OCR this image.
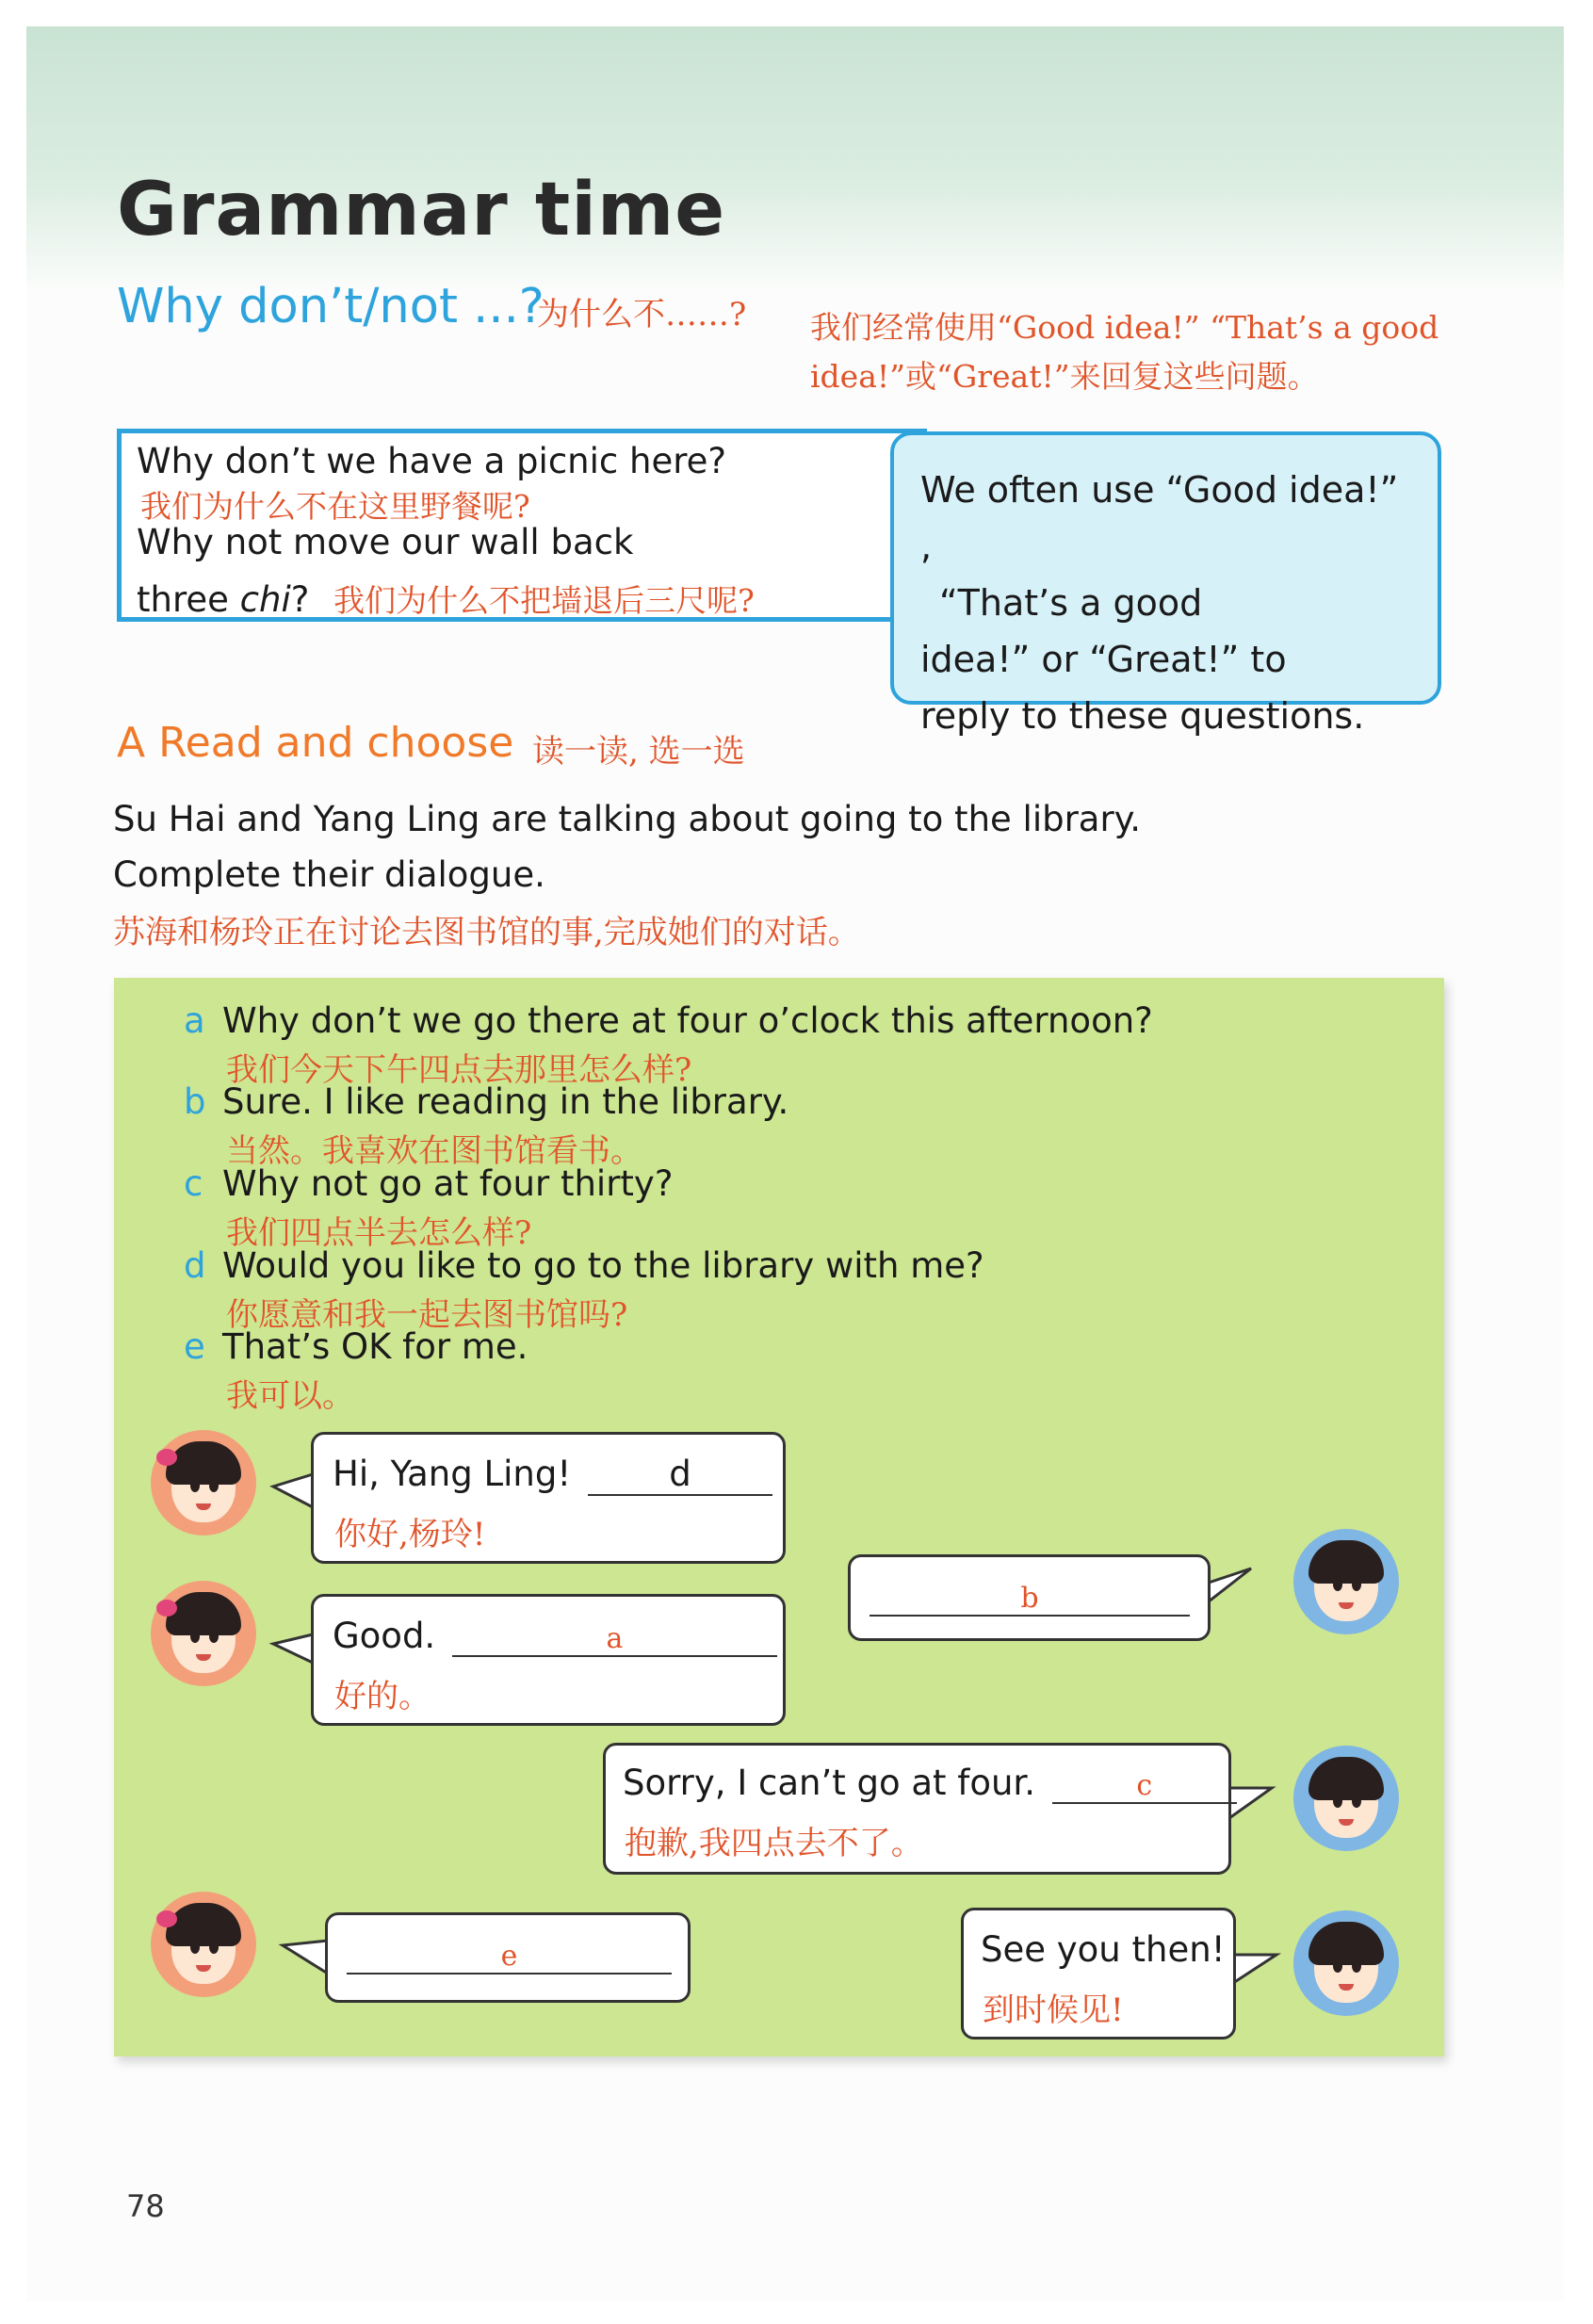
Grammar time
Why don’t/not ...?
为什么不……? 我们经常使用“Good idea!” “That’s a good idea!”或“Great!”来回复这些问题。
Why don’t we have a picnic here?
我们为什么不在这里野餐呢?
Why not move our wall back
three chi? 我们为什么不把墙退后三尺呢?
We often use “Good idea!” ,
“That’s a good
idea!” or “Great!” to
reply to these questions.
A Read and choose 读一读, 选一选
Su Hai and Yang Ling are talking about going to the library.
Complete their dialogue.
苏海和杨玲正在讨论去图书馆的事,完成她们的对话。
a Why don’t we go there at four o’clock this afternoon?
我们今天下午四点去那里怎么样?
b Sure. I like reading in the library.
当然。我喜欢在图书馆看书。
c Why not go at four thirty?
我们四点半去怎么样?
d Would you like to go to the library with me?
你愿意和我一起去图书馆吗?
e That’s OK for me.
我可以。
Hi, Yang Ling!	d
你好,杨玲!
b
Good.	a
好的。
Sorry, I can’t go at four.	c
抱歉,我四点去不了。
e	See you then!
到时候见!
78
